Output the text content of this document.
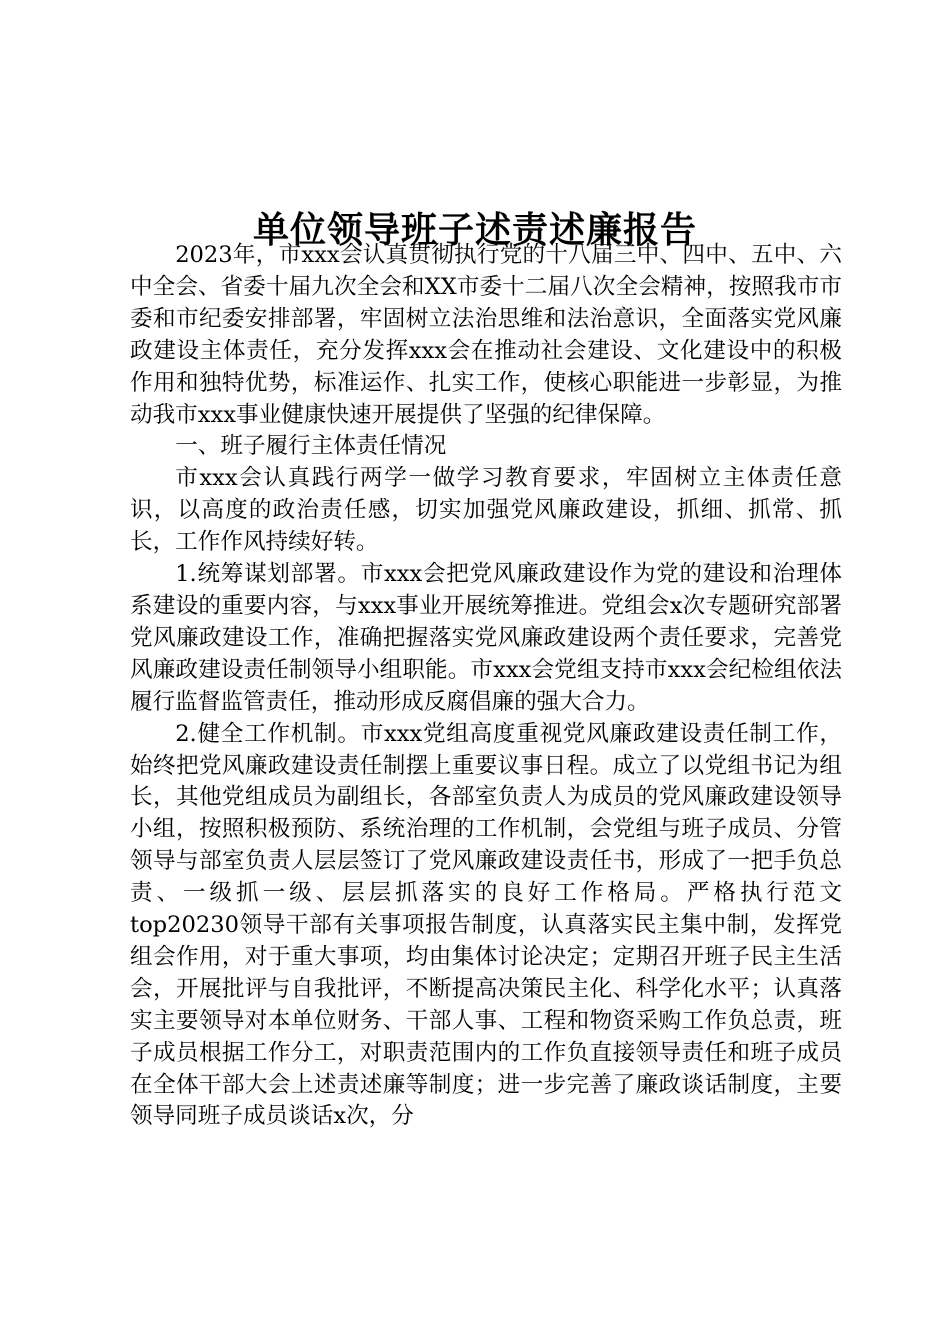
单位领导班子述责述廉报告

2023年，市xxx会认真贯彻执行党的十八届三中、四中、五中、六中全会、省委十届九次全会和XX市委十二届八次全会精神，按照我市市委和市纪委安排部署，牢固树立法治思维和法治意识，全面落实党风廉政建设主体责任，充分发挥xxx会在推动社会建设、文化建设中的积极作用和独特优势，标准运作、扎实工作，使核心职能进一步彰显，为推动我市xxx事业健康快速开展提供了坚强的纪律保障。

一、班子履行主体责任情况

市xxx会认真践行两学一做学习教育要求，牢固树立主体责任意识，以高度的政治责任感，切实加强党风廉政建设，抓细、抓常、抓长，工作作风持续好转。

1.统筹谋划部署。市xxx会把党风廉政建设作为党的建设和治理体系建设的重要内容，与xxx事业开展统筹推进。党组会x次专题研究部署党风廉政建设工作，准确把握落实党风廉政建设两个责任要求，完善党风廉政建设责任制领导小组职能。市xxx会党组支持市xxx会纪检组依法履行监督监管责任，推动形成反腐倡廉的强大合力。

2.健全工作机制。市xxx党组高度重视党风廉政建设责任制工作，始终把党风廉政建设责任制摆上重要议事日程。成立了以党组书记为组长，其他党组成员为副组长，各部室负责人为成员的党风廉政建设领导小组，按照积极预防、系统治理的工作机制，会党组与班子成员、分管领导与部室负责人层层签订了党风廉政建设责任书，形成了一把手负总责、一级抓一级、层层抓落实的良好工作格局。严格执行范文top20230领导干部有关事项报告制度，认真落实民主集中制，发挥党组会作用，对于重大事项，均由集体讨论决定；定期召开班子民主生活会，开展批评与自我批评，不断提高决策民主化、科学化水平；认真落实主要领导对本单位财务、干部人事、工程和物资采购工作负总责，班子成员根据工作分工，对职责范围内的工作负直接领导责任和班子成员在全体干部大会上述责述廉等制度；进一步完善了廉政谈话制度，主要领导同班子成员谈话x次，分
